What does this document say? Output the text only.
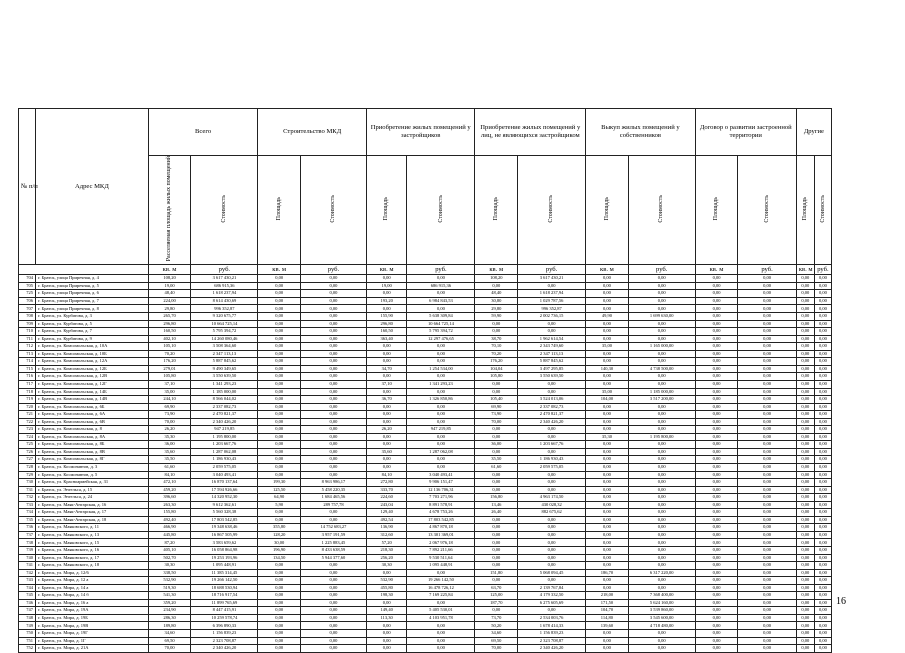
№ п/п	Адрес МКД	Всего		Строительство МКД		Приобретение жилых помещений у застройщиков		Приобретение жилых помещений у лиц, не являющихся застройщиком		Выкуп жилых помещений у собственников		Договор о развитии застроенной территории		Другие	
		Расселяемая площадь жилых помещений	Стоимость	Площадь	Стоимость	Площадь	Стоимость	Площадь	Стоимость	Площадь	Стоимость	Площадь	Стоимость	Площадь	Стоимость
		кв. м	руб.	кв. м	руб.	кв. м	руб.	кв. м	руб.	кв. м	руб.	кв. м	руб.	кв. м	руб.
704	г. Братск, улица Приречная, д. 4	108,20	3 617 430,21	0,00	0,00	0,00	0,00	108,20	3 617 430,21	0,00	0,00	0,00	0,00	0,00	0,00
705	г. Братск, улица Приречная, д. 5	19,00	686 915,36	0,00	0,00	19,00	686 915,36	0,00	0,00	0,00	0,00	0,00	0,00	0,00	0,00
725	г. Братск, улица Приречная, д. 6	48,40	1 618 237,94	0,00	0,00	0,00	0,00	48,40	1 618 237,94	0,00	0,00	0,00	0,00	0,00	0,00
706	г. Братск, улица Приречная, д. 7	224,00	8 614 430,69	0,00	0,00	193,20	6 984 843,53	30,80	1 029 787,56	0,00	0,00	0,00	0,00	0,00	0,00
707	г. Братск, улица Приречная, д. 8	29,80	996 352,87	0,00	0,00	0,00	0,00	29,80	996 352,87	0,00	0,00	0,00	0,00	0,00	0,00
708	г. Братск, ул. Курбатова, д. 3	265,70	9 320 675,77	0,00	0,00	155,90	5 638 309,84	59,90	2 002 736,15	49,90	1 699 630,00	0,00	0,00	0,00	0,00
709	г. Братск, ул. Курбатова, д. 5	296,80	10 664 725,14	0,00	0,00	296,80	10 664 725,14	0,00	0,00	0,00	0,00	0,00	0,00	0,00	0,00
710	г. Братск, ул. Курбатова, д. 7	160,50	5 795 394,72	0,00	0,00	160,50	5 795 394,72	0,00	0,00	0,00	0,00	0,00	0,00	0,00	0,00
711	г. Братск, ул. Курбатова, д. 9	402,10	14 260 080,46	0,00	0,00	363,40	12 297 476,65	38,70	1 962 614,54	0,00	0,00	0,00	0,00	0,00	0,00
712	г. Братск, ул. Комсомольская, д. 10А	105,10	3 508 364,60	0,00	0,00	0,00	0,00	70,10	2 343 749,60	35,00	1 165 000,00	0,00	0,00	0,00	0,00
713	г. Братск, ул. Комсомольская, д. 10Б	70,20	2 347 113,13	0,00	0,00	0,00	0,00	70,20	2 347 113,13	0,00	0,00	0,00	0,00	0,00	0,00
714	г. Братск, ул. Комсомольская, д. 12А	176,20	5 887 845,62	0,00	0,00	0,00	0,00	176,20	5 887 845,62	0,00	0,00	0,00	0,00	0,00	0,00
715	г. Братск, ул. Комсомольская, д. 12Б	279,01	9 490 349,65	0,00	0,00	34,70	1 254 534,00	104,04	3 497 295,85	140,30	4 738 500,00	0,00	0,00	0,00	0,00
716	г. Братск, ул. Комсомольская, д. 12В	105,80	3 550 639,50	0,00	0,00	0,00	0,00	105,80	3 550 639,50	0,00	0,00	0,00	0,00	0,00	0,00
717	г. Братск, ул. Комсомольская, д. 12Г	37,10	1 341 293,23	0,00	0,00	37,10	1 341 293,23	0,00	0,00	0,00	0,00	0,00	0,00	0,00	0,00
718	г. Братск, ул. Комсомольская, д. 14Б	35,00	1 185 000,00	0,00	0,00	0,00	0,00	0,00	0,00	35,00	1 185 000,00	0,00	0,00	0,00	0,00
719	г. Братск, ул. Комсомольская, д. 14В	244,10	8 566 044,02	0,00	0,00	36,70	1 326 850,86	105,40	3 524 013,06	104,00	3 517 200,00	0,00	0,00	0,00	0,00
720	г. Братск, ул. Комсомольская, д. 6Б	69,90	2 337 082,73	0,00	0,00	0,00	0,00	69,90	2 337 082,73	0,00	0,00	0,00	0,00	0,00	0,00
721	г. Братск, ул. Комсомольская, д. 6А	73,90	2 470 821,37	0,00	0,00	0,00	0,00	73,90	2 470 821,37	0,00	0,00	0,00	0,00	0,00	0,00
722	г. Братск, ул. Комсомольская, д. 6В	70,00	2 340 426,20	0,00	0,00	0,00	0,00	70,00	2 340 426,20	0,00	0,00	0,00	0,00	0,00	0,00
723	г. Братск, ул. Комсомольская, д. 8	26,20	947 219,85	0,00	0,00	26,20	947 219,85	0,00	0,00	0,00	0,00	0,00	0,00	0,00	0,00
724	г. Братск, ул. Комсомольская, д. 8А	35,30	1 195 800,00	0,00	0,00	0,00	0,00	0,00	0,00	35,30	1 195 800,00	0,00	0,00	0,00	0,00
725	г. Братск, ул. Комсомольская, д. 8Б	36,00	1 203 667,76	0,00	0,00	0,00	0,00	36,00	1 203 667,76	0,00	0,00	0,00	0,00	0,00	0,00
726	г. Братск, ул. Комсомольская, д. 8В	35,60	1 287 062,08	0,00	0,00	35,60	1 287 062,08	0,00	0,00	0,00	0,00	0,00	0,00	0,00	0,00
727	г. Братск, ул. Комсомольская, д. 8Г	35,50	1 186 930,43	0,00	0,00	0,00	0,00	35,50	1 186 930,43	0,00	0,00	0,00	0,00	0,00	0,00
728	г. Братск, ул. Космонавтов, д. 3	61,60	2 059 575,05	0,00	0,00	0,00	0,00	61,60	2 059 575,05	0,00	0,00	0,00	0,00	0,00	0,00
729	г. Братск, ул. Космонавтов, д. 5	84,10	3 040 493,41	0,00	0,00	84,10	3 040 493,41	0,00	0,00	0,00	0,00	0,00	0,00	0,00	0,00
730	г. Братск, ул. Красноармейская, д. 31	472,10	16 870 137,64	199,30	8 963 986,17	272,80	9 906 151,47	0,00	0,00	0,00	0,00	0,00	0,00	0,00	0,00
731	г. Братск, ул. Энгельса, д. 15	459,20	17 594 926,66	125,50	5 458 220,35	333,70	12 136 706,31	0,00	0,00	0,00	0,00	0,00	0,00	0,00	0,00
732	г. Братск, ул. Энгельса, д. 24	396,60	14 320 952,30	64,90	1 684 465,56	224,60	7 703 271,96	156,80	4 963 174,50	0,00	0,00	0,00	0,00	0,00	0,00
733	г. Братск, ул. Маяк-Ангарская, д. 16	263,30	9 612 362,61	5,90	289 757,78	243,04	8 891 578,91	13,46	430 028,32	0,00	0,00	0,00	0,00	0,00	0,00
734	г. Братск, ул. Маяк-Ангарская, д. 17	155,80	5 560 328,38	0,00	0,00	129,40	4 678 753,26	26,40	882 675,62	0,00	0,00	0,00	0,00	0,00	0,00
735	г. Братск, ул. Маяк-Ангарская, д. 18	492,40	17 803 542,85	0,00	0,00	492,54	17 803 542,85	0,00	0,00	0,00	0,00	0,00	0,00	0,00	0,00
736	г. Братск, ул. Маяковского, д. 11	466,90	19 348 638,46	355,80	14 752 683,27	136,90	4 867 870,18	0,00	0,00	0,00	0,00	0,00	0,00	0,00	0,00
737	г. Братск, ул. Маяковского, д. 13	445,80	16 867 505,99	128,20	3 957 191,59	312,60	13 301 369,01	0,00	0,00	0,00	0,00	0,00	0,00	0,00	0,00
738	г. Братск, ул. Маяковского, д. 15	87,20	3 583 659,62	30,00	1 225 883,45	57,20	2 067 976,18	0,00	0,00	0,00	0,00	0,00	0,00	0,00	0,00
739	г. Братск, ул. Маяковского, д. 16	405,10	16 058 864,98	196,90	8 433 638,59	218,30	7 892 211,66	0,00	0,00	0,00	0,00	0,00	0,00	0,00	0,00
740	г. Братск, ул. Маяковского, д. 17	502,70	19 253 193,96	134,50	5 944 377,60	256,20	9 530 511,64	0,00	0,00	0,00	0,00	0,00	0,00	0,00	0,00
741	г. Братск, ул. Маяковского, д. 18	30,30	1 095 448,91	0,00	0,00	30,30	1 095 448,91	0,00	0,00	0,00	0,00	0,00	0,00	0,00	0,00
742	г. Братск, ул. Мира, д. 12/6	338,50	11 385 314,45	0,00	0,00	0,00	0,00	151,80	5 068 094,45	186,70	6 317 220,00	0,00	0,00	0,00	0,00
743	г. Братск, ул. Мира, д. 12 а	532,90	19 266 142,50	0,00	0,00	532,90	19 266 142,50	0,00	0,00	0,00	0,00	0,00	0,00	0,00	0,00
744	г. Братск, ул. Мира, д. 14 а	519,30	18 688 530,94	0,00	0,00	455,80	16 478 726,12	63,70	2 139 767,84	0,00	0,00	0,00	0,00	0,00	0,00
745	г. Братск, ул. Мира, д. 14 б	541,30	18 716 917,54	0,00	0,00	198,30	7 169 225,84	125,00	4 179 332,50	218,00	7 368 400,00	0,00	0,00	0,00	0,00
746	г. Братск, ул. Мира, д. 16 а	359,20	11 899 765,69	0,00	0,00	0,00	0,00	187,70	6 275 605,69	171,50	5 624 160,00	0,00	0,00	0,00	0,00
747	г. Братск, ул. Мира, д. 19А	234,90	8 447 415,91	0,00	0,00	149,40	5 405 530,01	0,00	0,00	104,70	3 539 860,00	0,00	0,00	0,00	0,00
748	г. Братск, ул. Мира, д. 19Б	286,30	10 259 578,74	0,00	0,00	113,30	4 103 951,78	73,70	2 534 003,76	114,80	3 545 600,00	0,00	0,00	0,00	0,00
749	г. Братск, ул. Мира, д. 19В	189,80	6 396 890,33	0,00	0,00	0,00	0,00	50,20	1 678 414,33	139,60	4 718 480,00	0,00	0,00	0,00	0,00
750	г. Братск, ул. Мира, д. 19Г	34,60	1 156 839,23	0,00	0,00	0,00	0,00	34,60	1 156 839,23	0,00	0,00	0,00	0,00	0,00	0,00
751	г. Братск, ул. Мира, д. 1Г	69,50	2 323 708,87	0,00	0,00	0,00	0,00	69,50	2 323 708,87	0,00	0,00	0,00	0,00	0,00	0,00
752	г. Братск, ул. Мира, д. 21А	70,00	2 340 426,20	0,00	0,00	0,00	0,00	70,00	2 340 426,20	0,00	0,00	0,00	0,00	0,00	0,00
16
